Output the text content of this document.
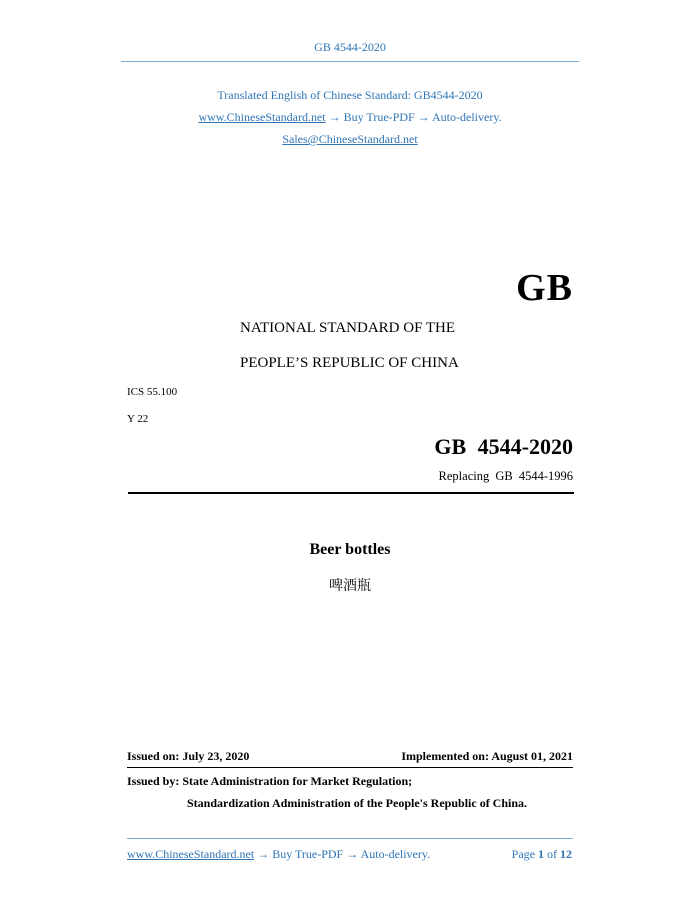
GB 4544-2020
Translated English of Chinese Standard: GB4544-2020
www.ChineseStandard.net → Buy True-PDF → Auto-delivery.
Sales@ChineseStandard.net
GB
NATIONAL STANDARD OF THE
PEOPLE’S REPUBLIC OF CHINA
ICS 55.100
Y 22
GB 4544-2020
Replacing GB 4544-1996
Beer bottles
啤酒瓶
Issued on: July 23, 2020	Implemented on: August 01, 2021
Issued by: State Administration for Market Regulation;
Standardization Administration of the People's Republic of China.
www.ChineseStandard.net → Buy True-PDF → Auto-delivery.	Page 1 of 12
